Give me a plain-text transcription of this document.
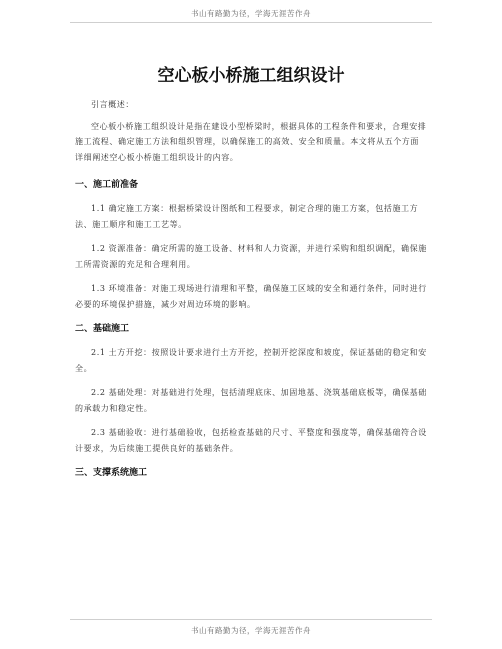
书山有路勤为径，学海无涯苦作舟
空心板小桥施工组织设计

引言概述：

空心板小桥施工组织设计是指在建设小型桥梁时，根据具体的工程条件和要求，合理安排施工流程、确定施工方法和组织管理，以确保施工的高效、安全和质量。本文将从五个方面详细阐述空心板小桥施工组织设计的内容。

一、施工前准备

1.1 确定施工方案：根据桥梁设计图纸和工程要求，制定合理的施工方案，包括施工方法、施工顺序和施工工艺等。

1.2 资源准备：确定所需的施工设备、材料和人力资源，并进行采购和组织调配，确保施工所需资源的充足和合理利用。

1.3 环境准备：对施工现场进行清理和平整，确保施工区域的安全和通行条件，同时进行必要的环境保护措施，减少对周边环境的影响。

二、基础施工

2.1 土方开挖：按照设计要求进行土方开挖，控制开挖深度和坡度，保证基础的稳定和安全。

2.2 基础处理：对基础进行处理，包括清理底床、加固地基、浇筑基础底板等，确保基础的承载力和稳定性。

2.3 基础验收：进行基础验收，包括检查基础的尺寸、平整度和强度等，确保基础符合设计要求，为后续施工提供良好的基础条件。

三、支撑系统施工
书山有路勤为径，学海无涯苦作舟
